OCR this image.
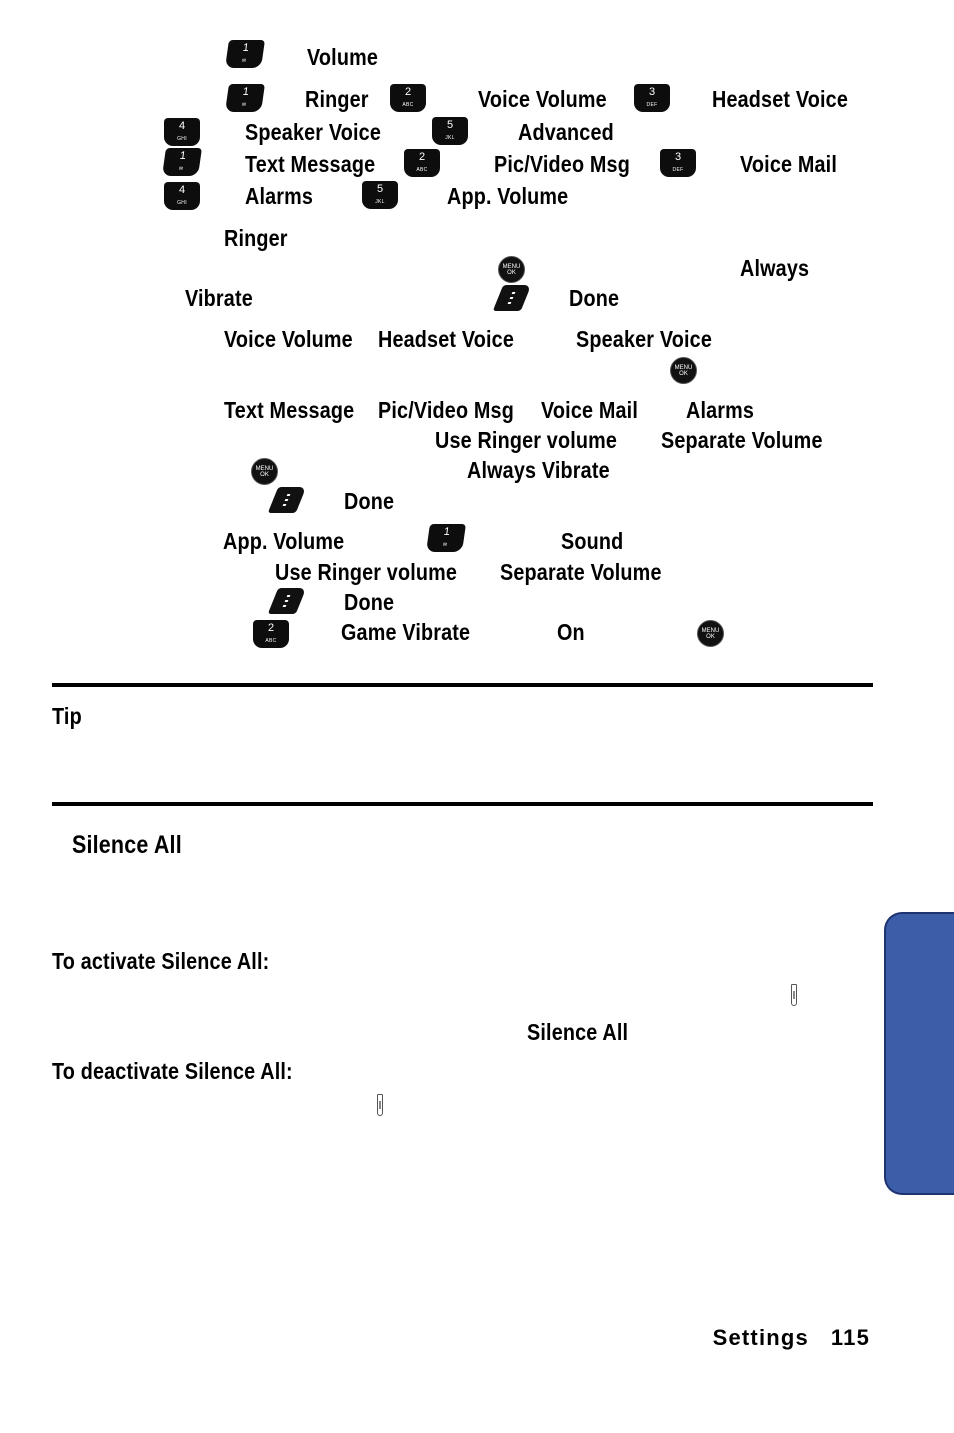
1
✉	Volume
1
✉	Ringer	2
ABC	Voice Volume	3
DEF	Headset Voice
4
GHI	Speaker Voice	5
JKL	Advanced
1
✉	Text Message	2
ABC	Pic/Video Msg	3
DEF	Voice Mail
4
GHI	Alarms	5
JKL	App. Volume
Ringer
MENU
OK	Always
Vibrate	Done
Voice Volume Headset Voice	Speaker Voice
MENU
OK
Text Message Pic/Video Msg Voice Mail Alarms
Use Ringer volume Separate Volume
MENU
OK	Always Vibrate
Done
App. Volume	1
✉	Sound
Use Ringer volume Separate Volume
Done
2
ABC	Game Vibrate	On	MENU
OK
Tip
Silence All
To activate Silence All:
Silence All
To deactivate Silence All:
Settings 115
